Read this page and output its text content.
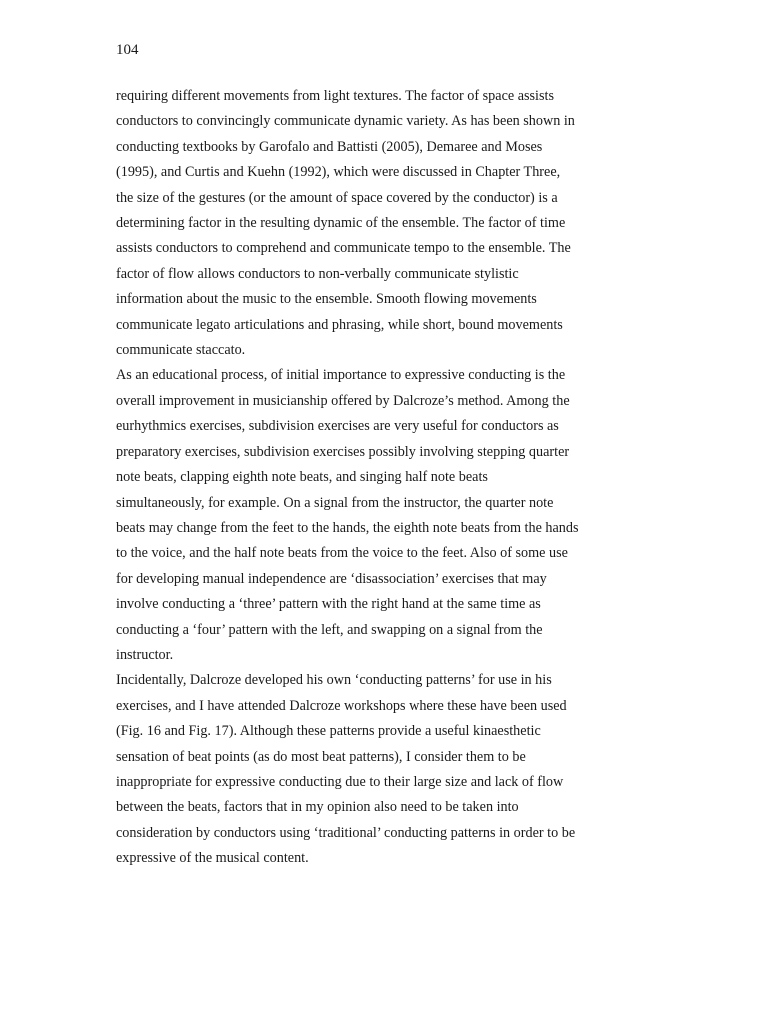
104
requiring different movements from light textures. The factor of space assists
conductors to convincingly communicate dynamic variety. As has been shown in
conducting textbooks by Garofalo and Battisti (2005), Demaree and Moses
(1995), and Curtis and Kuehn (1992), which were discussed in Chapter Three,
the size of the gestures (or the amount of space covered by the conductor) is a
determining factor in the resulting dynamic of the ensemble. The factor of time
assists conductors to comprehend and communicate tempo to the ensemble. The
factor of flow allows conductors to non-verbally communicate stylistic
information about the music to the ensemble. Smooth flowing movements
communicate legato articulations and phrasing, while short, bound movements
communicate staccato.
As an educational process, of initial importance to expressive conducting is the
overall improvement in musicianship offered by Dalcroze’s method. Among the
eurhythmics exercises, subdivision exercises are very useful for conductors as
preparatory exercises, subdivision exercises possibly involving stepping quarter
note beats, clapping eighth note beats, and singing half note beats
simultaneously, for example. On a signal from the instructor, the quarter note
beats may change from the feet to the hands, the eighth note beats from the hands
to the voice, and the half note beats from the voice to the feet. Also of some use
for developing manual independence are ‘disassociation’ exercises that may
involve conducting a ‘three’ pattern with the right hand at the same time as
conducting a ‘four’ pattern with the left, and swapping on a signal from the
instructor.
Incidentally, Dalcroze developed his own ‘conducting patterns’ for use in his
exercises, and I have attended Dalcroze workshops where these have been used
(Fig. 16 and Fig. 17). Although these patterns provide a useful kinaesthetic
sensation of beat points (as do most beat patterns), I consider them to be
inappropriate for expressive conducting due to their large size and lack of flow
between the beats, factors that in my opinion also need to be taken into
consideration by conductors using ‘traditional’ conducting patterns in order to be
expressive of the musical content.
